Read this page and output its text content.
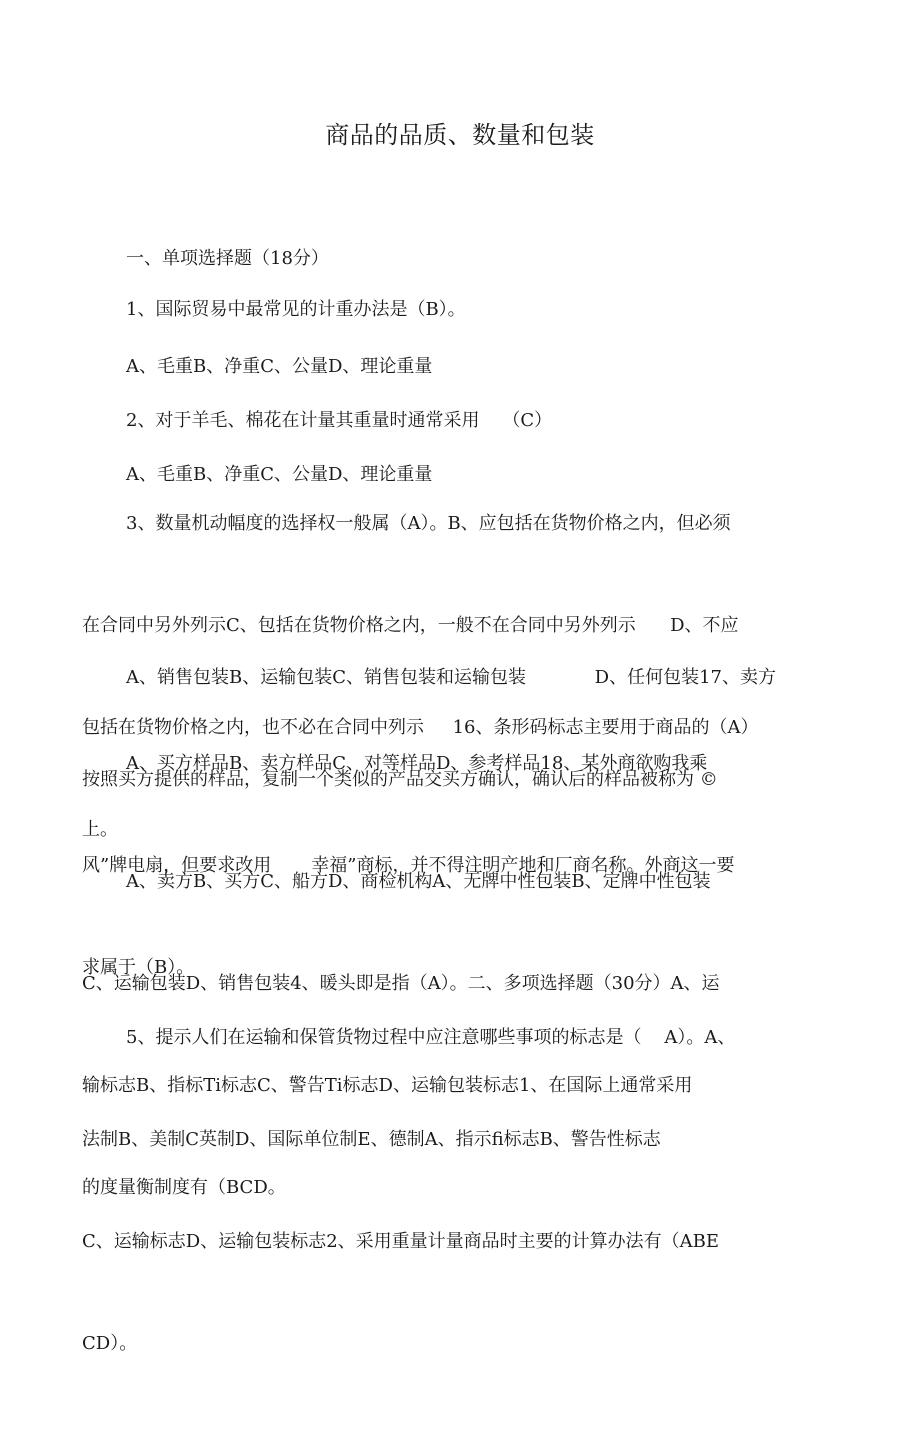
商品的品质、数量和包装

一、单项选择题（18分）

1、国际贸易中最常见的计重办法是（B）。

A、毛重B、净重C、公量D、理论重量

2、对于羊毛、棉花在计量其重量时通常采用    （C）

A、毛重B、净重C、公量D、理论重量

3、数量机动幅度的选择权一般属（A）。B、应包括在货物价格之内，但必须

在合同中另外列示C、包括在货物价格之内，一般不在合同中另外列示      D、不应

包括在货物价格之内，也不必在合同中列示     16、条形码标志主要用于商品的（A）

上。

A、销售包装B、运输包装C、销售包装和运输包装            D、任何包装17、卖方

按照买方提供的样品，复制一个类似的产品交买方确认，确认后的样品被称为 ©

A、买方样品B、卖方样品C、对等样品D、参考样品18、某外商欲购我乘

风”牌电扇，但要求改用       幸福”商标，并不得注明产地和厂商名称。外商这一要

求属于（B）。

A、卖方B、买方C、船方D、商检机构A、无牌中性包装B、定牌中性包装

C、运输包装D、销售包装4、暖头即是指（A）。二、多项选择题（30分）A、运

输标志B、指标Ti标志C、警告Ti标志D、运输包装标志1、在国际上通常采用

的度量衡制度有（BCD。

5、提示人们在运输和保管货物过程中应注意哪些事项的标志是（    A）。A、

法制B、美制C英制D、国际单位制E、德制A、指示fi标志B、警告性标志

C、运输标志D、运输包装标志2、采用重量计量商品时主要的计算办法有（ABE

CD）。
